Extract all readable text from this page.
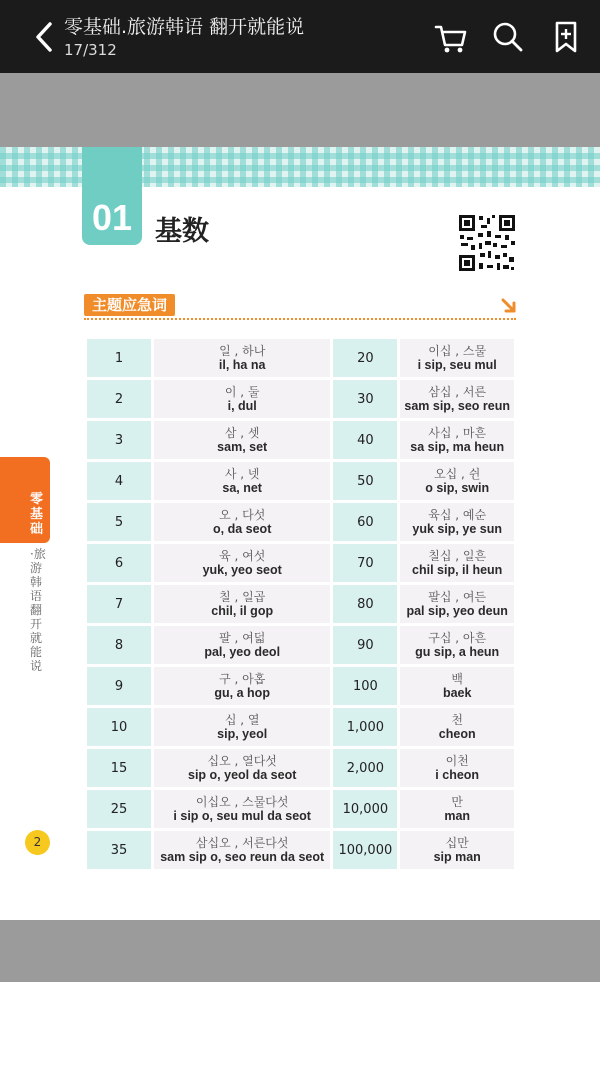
零基础.旅游韩语 翻开就能说
17/312
01 基数
主题应急词
零基础
·旅游韩语 翻开就能说
2
1	일 , 하나
il, ha na	20	이십 , 스물
i sip, seu mul

2	이 , 둘
i, dul	30	삼십 , 서른
sam sip, seo reun

3	삼 , 셋
sam, set	40	사십 , 마흔
sa sip, ma heun

4	사 , 넷
sa, net	50	오십 , 쉰
o sip, swin

5	오 , 다섯
o, da seot	60	육십 , 예순
yuk sip, ye sun

6	육 , 여섯
yuk, yeo seot	70	칠십 , 일흔
chil sip, il heun

7	칠 , 일곱
chil, il gop	80	팔십 , 여든
pal sip, yeo deun

8	팔 , 여덟
pal, yeo deol	90	구십 , 아흔
gu sip, a heun

9	구 , 아홉
gu, a hop	100	백
baek

10	십 , 열
sip, yeol	1,000	천
cheon

15	십오 , 열다섯
sip o, yeol da seot	2,000	이천
i cheon

25	이십오 , 스물다섯
i sip o, seu mul da seot	10,000	만
man

35	삼십오 , 서른다섯
sam sip o, seo reun da seot	100,000	십만
sip man
